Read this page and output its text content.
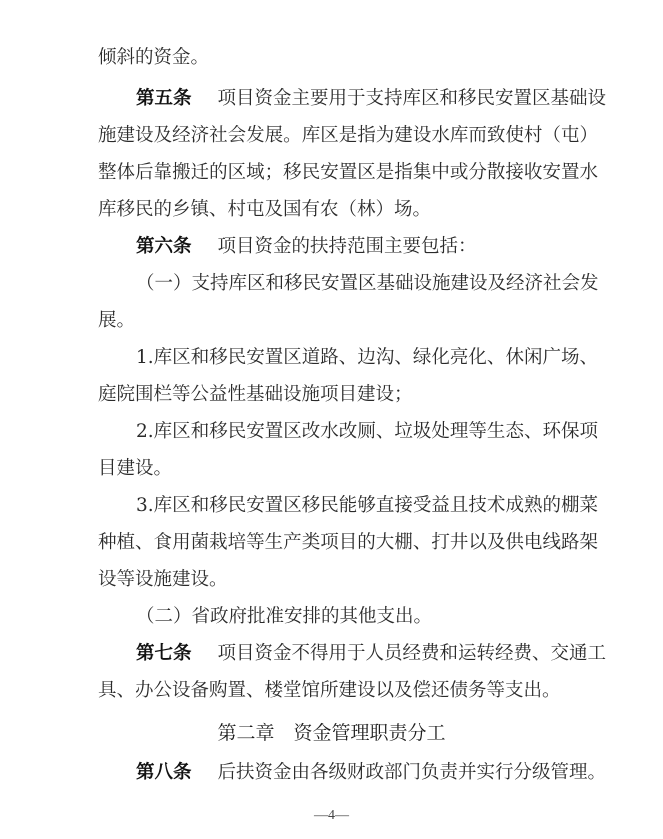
倾斜的资金。
第五条 项目资金主要用于支持库区和移民安置区基础设
施建设及经济社会发展。库区是指为建设水库而致使村（屯）
整体后靠搬迁的区域；移民安置区是指集中或分散接收安置水
库移民的乡镇、村屯及国有农（林）场。
第六条 项目资金的扶持范围主要包括：
（一）支持库区和移民安置区基础设施建设及经济社会发
展。
1.库区和移民安置区道路、边沟、绿化亮化、休闲广场、
庭院围栏等公益性基础设施项目建设；
2.库区和移民安置区改水改厕、垃圾处理等生态、环保项
目建设。
3.库区和移民安置区移民能够直接受益且技术成熟的棚菜
种植、食用菌栽培等生产类项目的大棚、打井以及供电线路架
设等设施建设。
（二）省政府批准安排的其他支出。
第七条 项目资金不得用于人员经费和运转经费、交通工
具、办公设备购置、楼堂馆所建设以及偿还债务等支出。
第二章　资金管理职责分工
第八条 后扶资金由各级财政部门负责并实行分级管理。
—4—
